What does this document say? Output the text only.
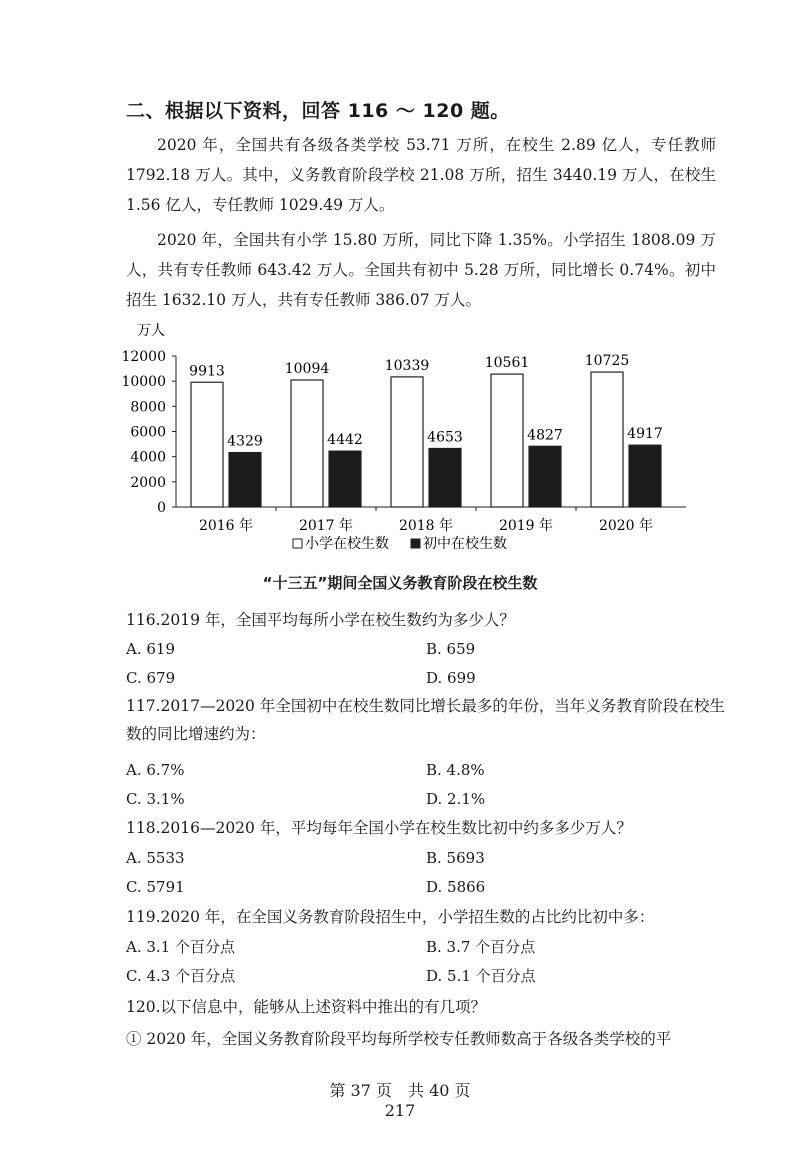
二、根据以下资料，回答 116 ～ 120 题。
2020 年，全国共有各级各类学校 53.71 万所，在校生 2.89 亿人，专任教师 1792.18 万人。其中，义务教育阶段学校 21.08 万所，招生 3440.19 万人，在校生 1.56 亿人，专任教师 1029.49 万人。
2020 年，全国共有小学 15.80 万所，同比下降 1.35%。小学招生 1808.09 万人，共有专任教师 643.42 万人。全国共有初中 5.28 万所，同比增长 0.74%。初中招生 1632.10 万人，共有专任教师 386.07 万人。
万人
0
2000
4000
6000
8000
10000
12000
9913
4329
2016 年
10094
4442
2017 年
10339
4653
2018 年
10561
4827
2019 年
10725
4917
2020 年
小学在校生数 初中在校生数
“十三五”期间全国义务教育阶段在校生数
116.2019 年，全国平均每所小学在校生数约为多少人？
A. 619	B. 659
C. 679	D. 699
117.2017—2020 年全国初中在校生数同比增长最多的年份，当年义务教育阶段在校生数的同比增速约为：
A. 6.7%	B. 4.8%
C. 3.1%	D. 2.1%
118.2016—2020 年，平均每年全国小学在校生数比初中约多多少万人？
A. 5533	B. 5693
C. 5791	D. 5866
119.2020 年，在全国义务教育阶段招生中，小学招生数的占比约比初中多：
A. 3.1 个百分点	B. 3.7 个百分点
C. 4.3 个百分点	D. 5.1 个百分点
120.以下信息中，能够从上述资料中推出的有几项？
① 2020 年，全国义务教育阶段平均每所学校专任教师数高于各级各类学校的平
第 37 页　共 40 页
217
